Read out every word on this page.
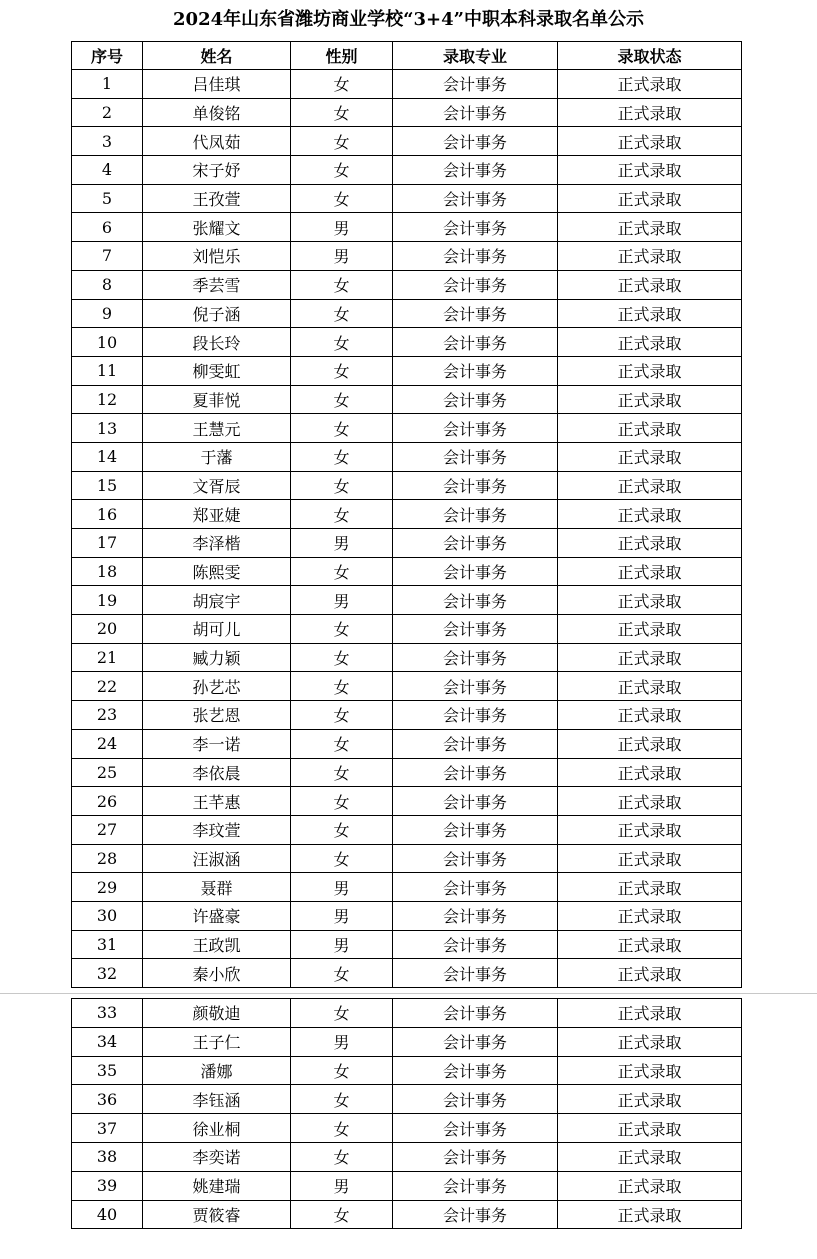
2024年山东省潍坊商业学校“3+4”中职本科录取名单公示
序号	姓名	性别	录取专业	录取状态
1	吕佳琪	女	会计事务	正式录取
2	单俊铭	女	会计事务	正式录取
3	代凤茹	女	会计事务	正式录取
4	宋子妤	女	会计事务	正式录取
5	王孜萱	女	会计事务	正式录取
6	张耀文	男	会计事务	正式录取
7	刘恺乐	男	会计事务	正式录取
8	季芸雪	女	会计事务	正式录取
9	倪子涵	女	会计事务	正式录取
10	段长玲	女	会计事务	正式录取
11	柳雯虹	女	会计事务	正式录取
12	夏菲悦	女	会计事务	正式录取
13	王慧元	女	会计事务	正式录取
14	于藩	女	会计事务	正式录取
15	文胥辰	女	会计事务	正式录取
16	郑亚婕	女	会计事务	正式录取
17	李泽楷	男	会计事务	正式录取
18	陈熙雯	女	会计事务	正式录取
19	胡宸宇	男	会计事务	正式录取
20	胡可儿	女	会计事务	正式录取
21	臧力颖	女	会计事务	正式录取
22	孙艺芯	女	会计事务	正式录取
23	张艺恩	女	会计事务	正式录取
24	李一诺	女	会计事务	正式录取
25	李依晨	女	会计事务	正式录取
26	王芊惠	女	会计事务	正式录取
27	李玟萱	女	会计事务	正式录取
28	汪淑涵	女	会计事务	正式录取
29	聂群	男	会计事务	正式录取
30	许盛豪	男	会计事务	正式录取
31	王政凯	男	会计事务	正式录取
32	秦小欣	女	会计事务	正式录取
33	颜敬迪	女	会计事务	正式录取
34	王子仁	男	会计事务	正式录取
35	潘娜	女	会计事务	正式录取
36	李钰涵	女	会计事务	正式录取
37	徐业桐	女	会计事务	正式录取
38	李奕诺	女	会计事务	正式录取
39	姚建瑞	男	会计事务	正式录取
40	贾筱睿	女	会计事务	正式录取
